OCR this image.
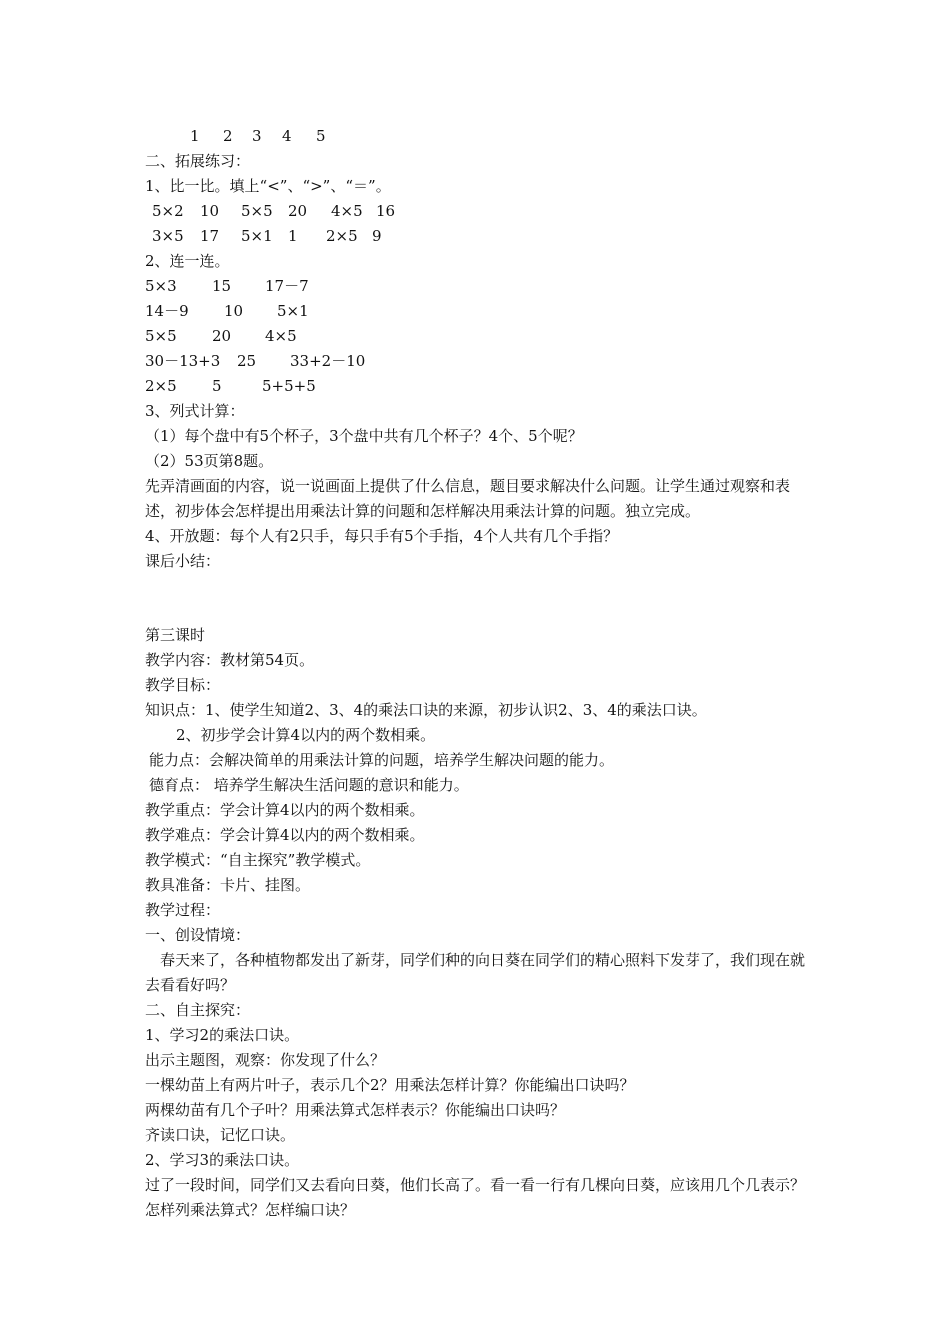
1

2

3

4

5

二、拓展练习：
1、比一比。填上“<”、“>”、“＝”。

5×2

10

5×5

20

4×5

16

3×5

17

5×1

1

2×5

9

2、连一连。

5×3

15

17－7

14－9

10

5×1

5×5

20

4×5

30－13+3

25

33+2－10

2×5

5

	5+5+5

3、列式计算：
（1）每个盘中有5个杯子，3个盘中共有几个杯子？4个、5个呢？
（2）53页第8题。
先弄清画面的内容，说一说画面上提供了什么信息，题目要求解决什么问题。让学生通过观察和表述，初步体会怎样提出用乘法计算的问题和怎样解决用乘法计算的问题。独立完成。
4、开放题：每个人有2只手，每只手有5个手指，4个人共有几个手指？
课后小结：
第三课时
教学内容：教材第54页。
教学目标：
知识点：1、使学生知道2、3、4的乘法口诀的来源，初步认识2、3、4的乘法口诀。
2、初步学会计算4以内的两个数相乘。
能力点：会解决简单的用乘法计算的问题，培养学生解决问题的能力。
德育点： 培养学生解决生活问题的意识和能力。
教学重点：学会计算4以内的两个数相乘。
教学难点：学会计算4以内的两个数相乘。
教学模式：“自主探究”教学模式。
教具准备：卡片、挂图。
教学过程：
一、创设情境：
春天来了，各种植物都发出了新芽，同学们种的向日葵在同学们的精心照料下发芽了，我们现在就去看看好吗？
二、自主探究：
1、学习2的乘法口诀。
出示主题图，观察：你发现了什么？
一棵幼苗上有两片叶子，表示几个2？用乘法怎样计算？你能编出口诀吗？
两棵幼苗有几个子叶？用乘法算式怎样表示？你能编出口诀吗？
齐读口诀，记忆口诀。
2、学习3的乘法口诀。
过了一段时间，同学们又去看向日葵，他们长高了。看一看一行有几棵向日葵，应该用几个几表示？怎样列乘法算式？怎样编口诀？
